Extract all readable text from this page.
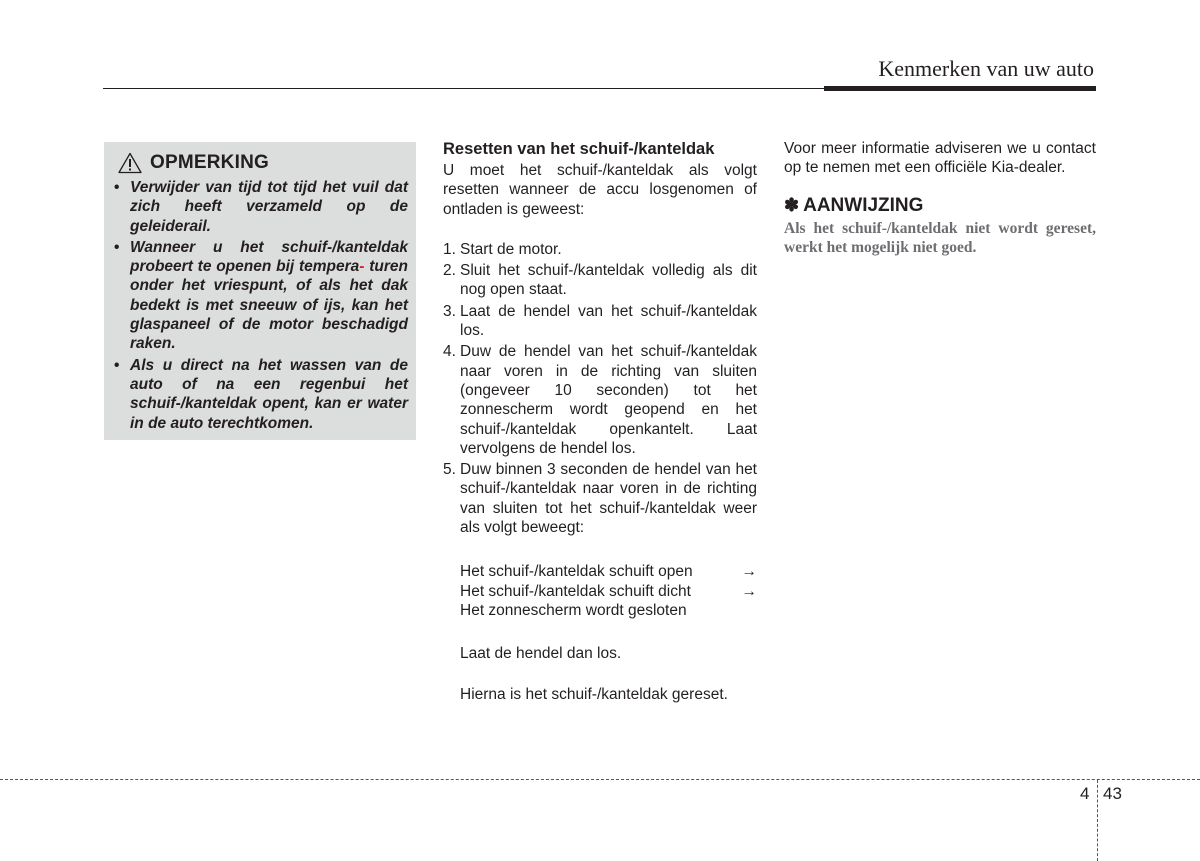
Kenmerken van uw auto
OPMERKING
• Verwijder van tijd tot tijd het vuil dat zich heeft verzameld op de geleiderail.
• Wanneer u het schuif-/kanteldak probeert te openen bij tempera- turen onder het vriespunt, of als het dak bedekt is met sneeuw of ijs, kan het glaspaneel of de motor beschadigd raken.
• Als u direct na het wassen van de auto of na een regenbui het schuif-/kanteldak opent, kan er water in de auto terechtkomen.
Resetten van het schuif-/kanteldak

U moet het schuif-/kanteldak als volgt resetten wanneer de accu losgenomen of ontladen is geweest:

1. Start de motor.
2. Sluit het schuif-/kanteldak volledig als dit nog open staat.
3. Laat de hendel van het schuif-/kanteldak los.
4. Duw de hendel van het schuif-/kanteldak naar voren in de richting van sluiten (ongeveer 10 seconden) tot het zonnescherm wordt geopend en het schuif-/kanteldak openkantelt. Laat vervolgens de hendel los.
5. Duw binnen 3 seconden de hendel van het schuif-/kanteldak naar voren in de richting van sluiten tot het schuif-/kanteldak weer als volgt beweegt:
Het schuif-/kanteldak schuift open	→
Het schuif-/kanteldak schuift dicht	→
Het zonnescherm wordt gesloten

Laat de hendel dan los.

Hierna is het schuif-/kanteldak gereset.

Voor meer informatie adviseren we u contact op te nemen met een officiële Kia-dealer.

✽ AANWIJZING

Als het schuif-/kanteldak niet wordt gereset, werkt het mogelijk niet goed.

4 43
